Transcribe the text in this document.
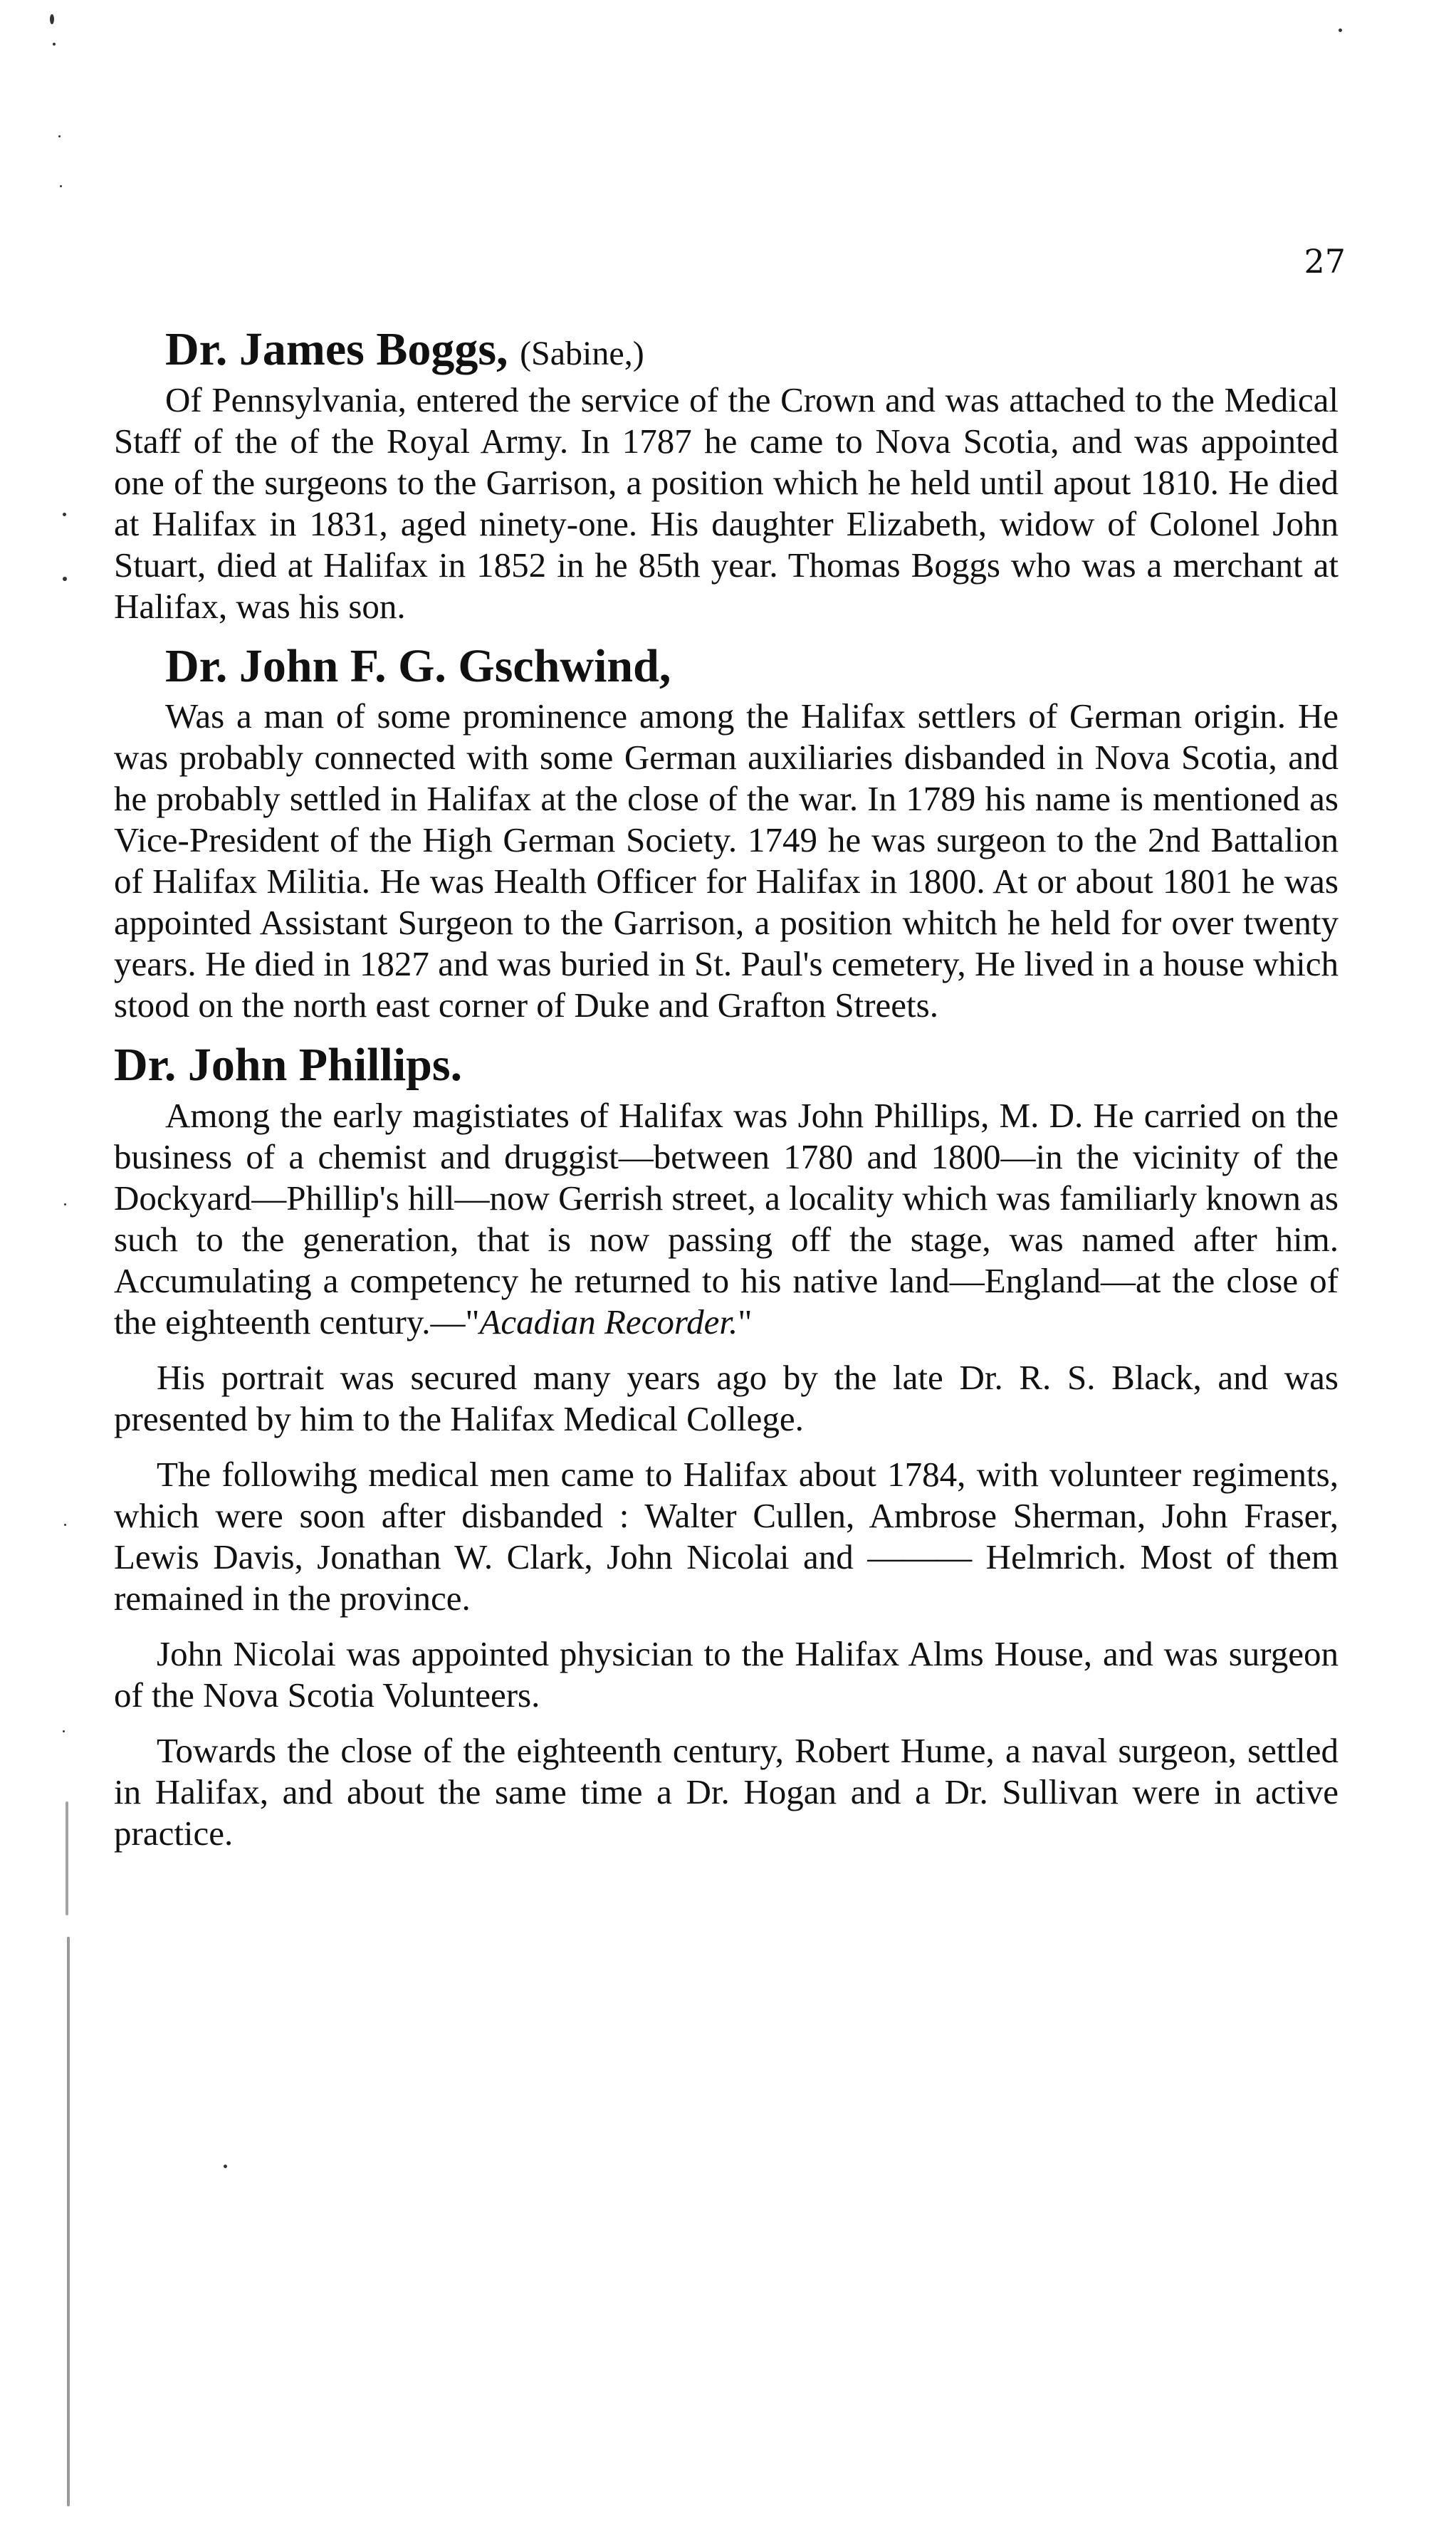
27
Dr. James Boggs, (Sabine,)

Of Pennsylvania, entered the service of the Crown and was attached to the Medical Staff of the of the Royal Army. In 1787 he came to Nova Scotia, and was appointed one of the surgeons to the Garrison, a position which he held until apout 1810. He died at Halifax in 1831, aged ninety-one. His daughter Elizabeth, widow of Colonel John Stuart, died at Halifax in 1852 in he 85th year. Thomas Boggs who was a merchant at Halifax, was his son.

Dr. John F. G. Gschwind,

Was a man of some prominence among the Halifax settlers of German origin. He was probably connected with some German auxiliaries disbanded in Nova Scotia, and he probably settled in Halifax at the close of the war. In 1789 his name is mentioned as Vice-President of the High German Society. 1749 he was surgeon to the 2nd Battalion of Halifax Militia. He was Health Officer for Halifax in 1800. At or about 1801 he was appointed Assistant Surgeon to the Garrison, a position whitch he held for over twenty years. He died in 1827 and was buried in St. Paul's cemetery, He lived in a house which stood on the north east corner of Duke and Grafton Streets.

Dr. John Phillips.

Among the early magistiates of Halifax was John Phillips, M. D. He carried on the business of a chemist and druggist—between 1780 and 1800—in the vicinity of the Dockyard—Phillip's hill—now Gerrish street, a locality which was familiarly known as such to the generation, that is now passing off the stage, was named after him. Accumulating a competency he returned to his native land—England—at the close of the eighteenth century.—"Acadian Recorder."

His portrait was secured many years ago by the late Dr. R. S. Black, and was presented by him to the Halifax Medical College.

The followihg medical men came to Halifax about 1784, with volunteer regiments, which were soon after disbanded : Walter Cullen, Ambrose Sherman, John Fraser, Lewis Davis, Jonathan W. Clark, John Nicolai and ——— Helmrich. Most of them remained in the province.

John Nicolai was appointed physician to the Halifax Alms House, and was surgeon of the Nova Scotia Volunteers.

Towards the close of the eighteenth century, Robert Hume, a naval surgeon, settled in Halifax, and about the same time a Dr. Hogan and a Dr. Sullivan were in active practice.
